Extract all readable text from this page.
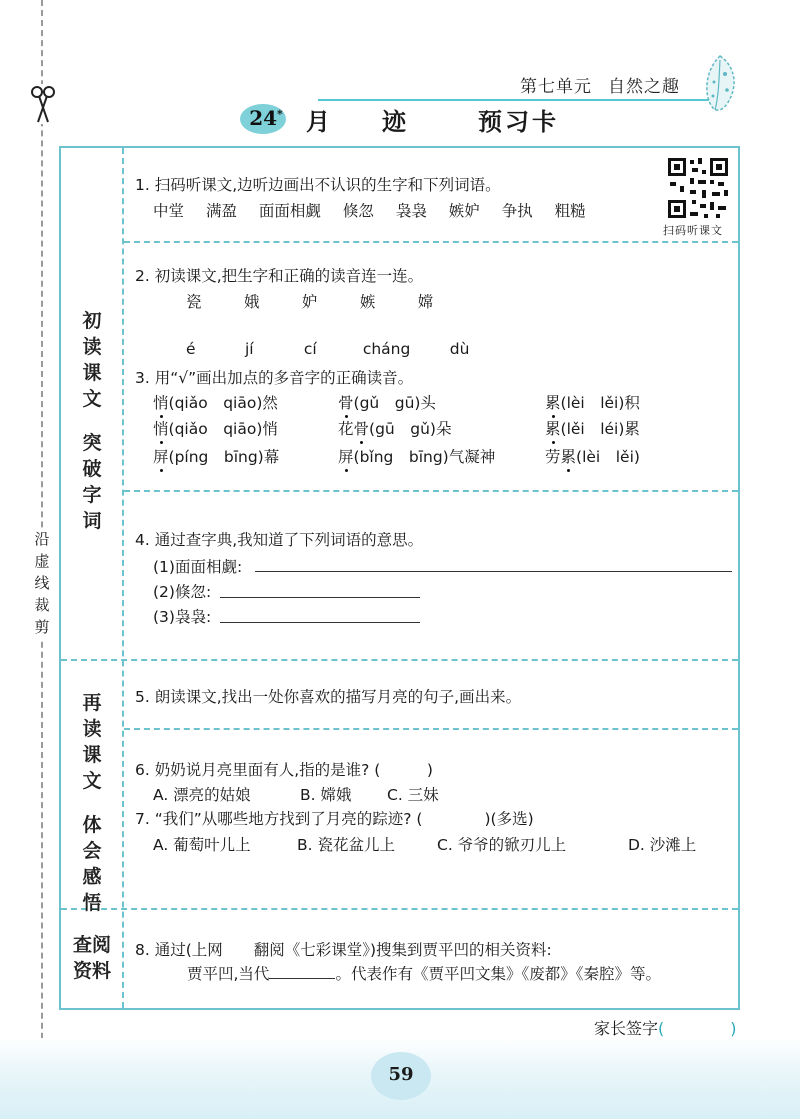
沿
虚
线
裁
剪
第七单元 自然之趣
24* 月 迹	预习卡
初
读
课
文
突
破
字
词
再
读
课
文
体
会
感
悟
查阅
资料
扫码听课文
1. 扫码听课文,边听边画出不认识的生字和下列词语。
中堂 满盈 面面相觑 倏忽 袅袅 嫉妒 争执 粗糙
2. 初读课文,把生字和正确的读音连一连。
瓷	娥	妒	嫉	嫦
é	jí	cí	cháng	dù
3. 用“√”画出加点的多音字的正确读音。
悄(qiǎo　qiāo)然	骨(gǔ　gū)头	累(lèi　lěi)积
悄(qiǎo　qiāo)悄	花骨(gū　gǔ)朵	累(lěi　léi)累
屏(píng　bīng)幕	屏(bǐng　bīng)气凝神	劳累(lèi　lěi)
4. 通过查字典,我知道了下列词语的意思。
(1)面面相觑:
(2)倏忽:
(3)袅袅:
5. 朗读课文,找出一处你喜欢的描写月亮的句子,画出来。
6. 奶奶说月亮里面有人,指的是谁? (　　　)
A. 漂亮的姑娘	B. 嫦娥 C. 三妹
7. “我们”从哪些地方找到了月亮的踪迹? (　　　　)(多选)
A. 葡萄叶儿上	B. 瓷花盆儿上	C. 爷爷的锨刃儿上	D. 沙滩上
8. 通过(上网　　翻阅《七彩课堂》)搜集到贾平凹的相关资料:
贾平凹,当代	。代表作有《贾平凹文集》《废都》《秦腔》等。
家长签字(	)
59
